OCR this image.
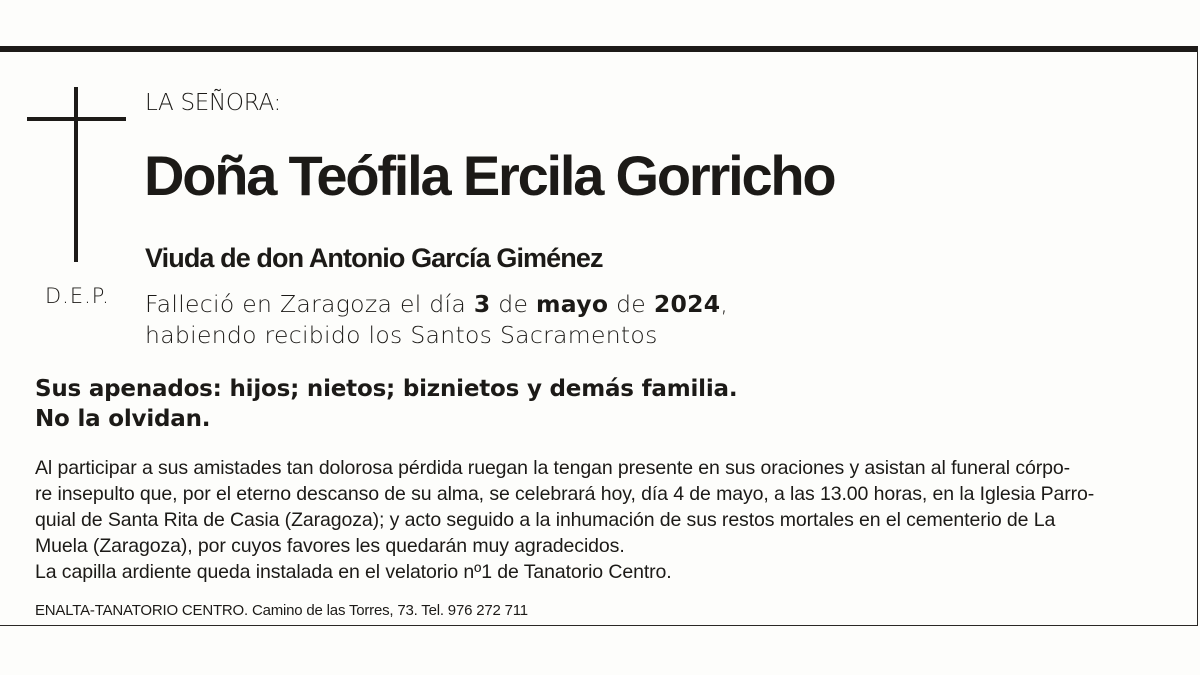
D.E.P.
LA SEÑORA:
Doña Teófila Ercila Gorricho
Viuda de don Antonio García Giménez
Falleció en Zaragoza el día 3 de mayo de 2024,
habiendo recibido los Santos Sacramentos
Sus apenados: hijos; nietos; biznietos y demás familia.
No la olvidan.
Al participar a sus amistades tan dolorosa pérdida ruegan la tengan presente en sus oraciones y asistan al funeral córpo-
re insepulto que, por el eterno descanso de su alma, se celebrará hoy, día 4 de mayo, a las 13.00 horas, en la Iglesia Parro-
quial de Santa Rita de Casia (Zaragoza); y acto seguido a la inhumación de sus restos mortales en el cementerio de La
Muela (Zaragoza), por cuyos favores les quedarán muy agradecidos.
La capilla ardiente queda instalada en el velatorio nº1 de Tanatorio Centro.
ENALTA-TANATORIO CENTRO. Camino de las Torres, 73. Tel. 976 272 711
